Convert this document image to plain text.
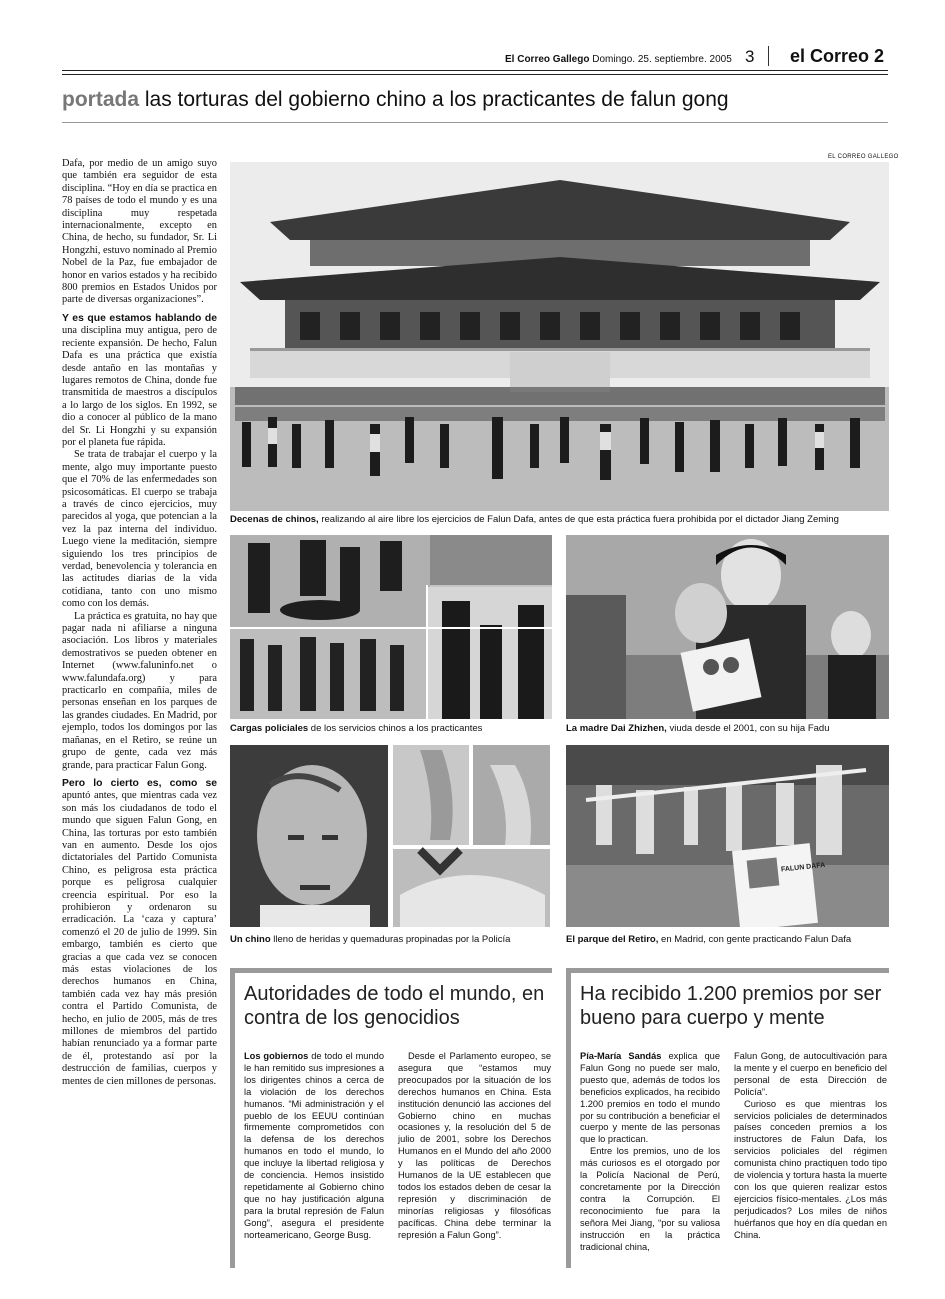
El Correo Gallego Domingo. 25. septiembre. 2005 3 el Correo 2
portada las torturas del gobierno chino a los practicantes de falun gong
EL CORREO GALLEGO
Decenas de chinos, realizando al aire libre los ejercicios de Falun Dafa, antes de que esta práctica fuera prohibida por el dictador Jiang Zeming
Cargas policiales de los servicios chinos a los practicantes	La madre Dai Zhizhen, viuda desde el 2001, con su hija Fadu
Un chino lleno de heridas y quemaduras propinadas por la Policía
FALUN DAFA
El parque del Retiro, en Madrid, con gente practicando Falun Dafa

Dafa, por medio de un amigo suyo que también era seguidor de esta disciplina. “Hoy en día se practica en 78 países de todo el mundo y es una disciplina muy respetada internacionalmente, excepto en China, de hecho, su fundador, Sr. Li Hongzhi, estuvo nominado al Premio Nobel de la Paz, fue embajador de honor en varios estados y ha recibido 800 premios en Estados Unidos por parte de diversas organizaciones”.

Y es que estamos hablando de una disciplina muy antigua, pero de reciente expansión. De hecho, Falun Dafa es una práctica que existía desde antaño en las montañas y lugares remotos de China, donde fue transmitida de maestros a discípulos a lo largo de los siglos. En 1992, se dio a conocer al público de la mano del Sr. Li Hongzhi y su expansión por el planeta fue rápida.

Se trata de trabajar el cuerpo y la mente, algo muy importante puesto que el 70% de las enfermedades son psicosomáticas. El cuerpo se trabaja a través de cinco ejercicios, muy parecidos al yoga, que potencian a la vez la paz interna del individuo. Luego viene la meditación, siempre siguiendo los tres principios de verdad, benevolencia y tolerancia en las actitudes diarias de la vida cotidiana, tanto con uno mismo como con los demás.

La práctica es gratuita, no hay que pagar nada ni afiliarse a ninguna asociación. Los libros y materiales demostrativos se pueden obtener en Internet (www.faluninfo.net o www.falundafa.org) y para practicarlo en compañía, miles de personas enseñan en los parques de las grandes ciudades. En Madrid, por ejemplo, todos los domingos por las mañanas, en el Retiro, se reúne un grupo de gente, cada vez más grande, para practicar Falun Gong.

Pero lo cierto es, como se apuntó antes, que mientras cada vez son más los ciudadanos de todo el mundo que siguen Falun Gong, en China, las torturas por esto también van en aumento. Desde los ojos dictatoriales del Partido Comunista Chino, es peligrosa esta práctica porque es peligrosa cualquier creencia espiritual. Por eso la prohibieron y ordenaron su erradicación. La ‘caza y captura’ comenzó el 20 de julio de 1999. Sin embargo, también es cierto que gracias a que cada vez se conocen más estas violaciones de los derechos humanos en China, también cada vez hay más presión contra el Partido Comunista, de hecho, en julio de 2005, más de tres millones de miembros del partido habían renunciado ya a formar parte de él, protestando así por la destrucción de familias, cuerpos y mentes de cien millones de personas.

Autoridades de todo el mundo, en contra de los genocidios

Los gobiernos de todo el mundo le han remitido sus impresiones a los dirigentes chinos a cerca de la violación de los derechos humanos. “Mi administración y el pueblo de los EEUU continúan firmemente comprometidos con la defensa de los derechos humanos en todo el mundo, lo que incluye la libertad religiosa y de conciencia. Hemos insistido repetidamente al Gobierno chino que no hay justificación alguna para la brutal represión de Falun Gong”, asegura el presidente norteamericano, George Busg.

Desde el Parlamento europeo, se asegura que “estamos muy preocupados por la situación de los derechos humanos en China. Esta institución denunció las acciones del Gobierno chino en muchas ocasiones y, la resolución del 5 de julio de 2001, sobre los Derechos Humanos en el Mundo del año 2000 y las políticas de Derechos Humanos de la UE establecen que todos los estados deben de cesar la represión y discriminación de minorías religiosas y filosóficas pacíficas. China debe terminar la represión a Falun Gong”.

Ha recibido 1.200 premios por ser bueno para cuerpo y mente

Pía-María Sandás explica que Falun Gong no puede ser malo, puesto que, además de todos los beneficios explicados, ha recibido 1.200 premios en todo el mundo por su contribución a beneficiar el cuerpo y mente de las personas que lo practican.

Entre los premios, uno de los más curiosos es el otorgado por la Policía Nacional de Perú, concretamente por la Dirección contra la Corrupción. El reconocimiento fue para la señora Mei Jiang, “por su valiosa instrucción en la práctica tradicional china,

Falun Gong, de autocultivación para la mente y el cuerpo en beneficio del personal de esta Dirección de Policía”.

Curioso es que mientras los servicios policiales de determinados países conceden premios a los instructores de Falun Dafa, los servicios policiales del régimen comunista chino practiquen todo tipo de violencia y tortura hasta la muerte con los que quieren realizar estos ejercicios físico-mentales. ¿Los más perjudicados? Los miles de niños huérfanos que hoy en día quedan en China.
